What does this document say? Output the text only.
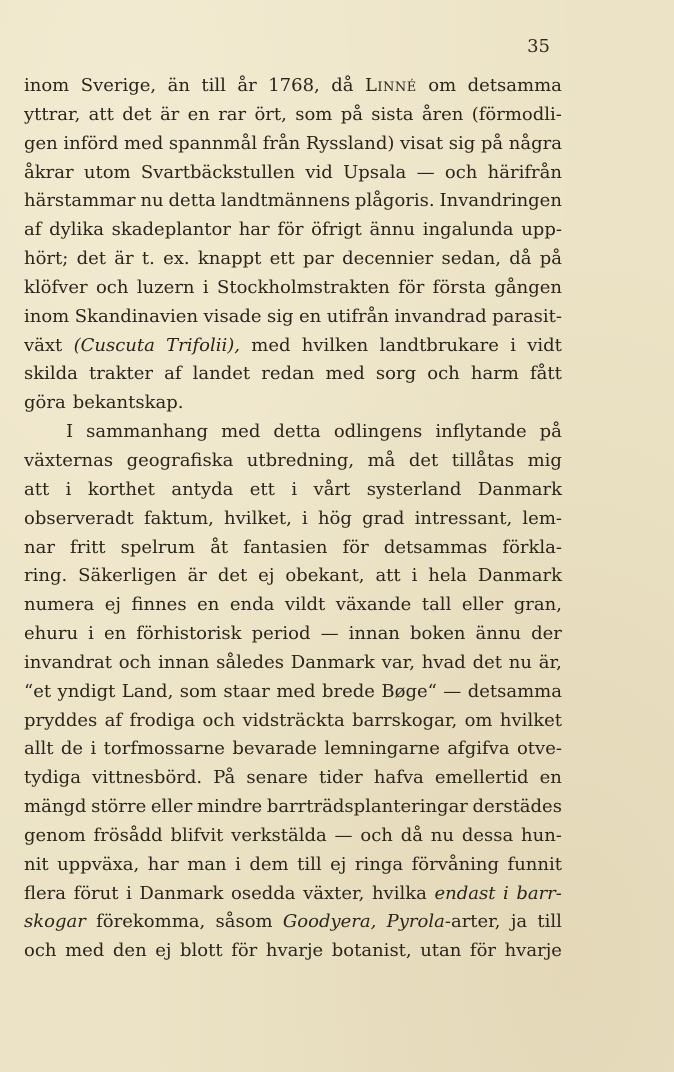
35
inom Sverige, än till år 1768, då Linné om detsamma
yttrar, att det är en rar ört, som på sista åren (förmodli-
gen införd med spannmål från Ryssland) visat sig på några
åkrar utom Svartbäckstullen vid Upsala — och härifrån
härstammar nu detta landtmännens plågoris. Invandringen
af dylika skadeplantor har för öfrigt ännu ingalunda upp-
hört; det är t. ex. knappt ett par decennier sedan, då på
klöfver och luzern i Stockholmstrakten för första gången
inom Skandinavien visade sig en utifrån invandrad parasit-
växt (Cuscuta Trifolii), med hvilken landtbrukare i vidt
skilda trakter af landet redan med sorg och harm fått
göra bekantskap.
I sammanhang med detta odlingens inflytande på
växternas geografiska utbredning, må det tillåtas mig
att i korthet antyda ett i vårt systerland Danmark
observeradt faktum, hvilket, i hög grad intressant, lem-
nar fritt spelrum åt fantasien för detsammas förkla-
ring. Säkerligen är det ej obekant, att i hela Danmark
numera ej finnes en enda vildt växande tall eller gran,
ehuru i en förhistorisk period — innan boken ännu der
invandrat och innan således Danmark var, hvad det nu är,
“et yndigt Land, som staar med brede Bøge“ — detsamma
pryddes af frodiga och vidsträckta barrskogar, om hvilket
allt de i torfmossarne bevarade lemningarne afgifva otve-
tydiga vittnesbörd. På senare tider hafva emellertid en
mängd större eller mindre barrträdsplanteringar derstädes
genom frösådd blifvit verkstälda — och då nu dessa hun-
nit uppväxa, har man i dem till ej ringa förvåning funnit
flera förut i Danmark osedda växter, hvilka endast i barr-
skogar förekomma, såsom Goodyera, Pyrola-arter, ja till
och med den ej blott för hvarje botanist, utan för hvarje
